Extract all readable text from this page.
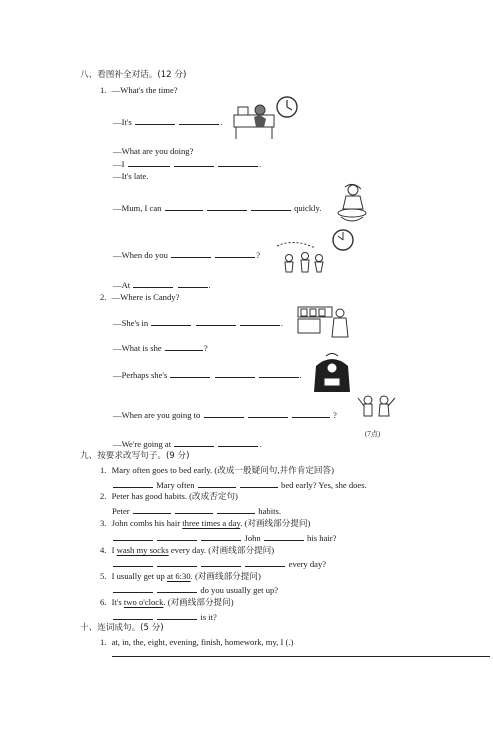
八、看图补全对话。(12 分)
1. —What's the time?
—It's	.
—What are you doing?
—I	.
—It's late.
—Mum, I can	quickly.
—When do you	?
—At	.
2. —Where is Candy?
—She's in	.
—What is she	?
—Perhaps she's	.
—When are you going to	?
—We're going at	.
(7点)
九、按要求改写句子。(9 分)
1. Mary often goes to bed early. (改成一般疑问句,并作肯定回答)
Mary often	bed early? Yes, she does.
2. Peter has good habits. (改成否定句)
Peter	habits.
3. John combs his hair three times a day. (对画线部分提问)
John	his hair?
4. I wash my socks every day. (对画线部分提问)
every day?
5. I usually get up at 6:30. (对画线部分提问)
do you usually get up?
6. It's two o'clock. (对画线部分提问)
is it?
十、连词成句。(5 分)
1. at, in, the, eight, evening, finish, homework, my, I (.)
